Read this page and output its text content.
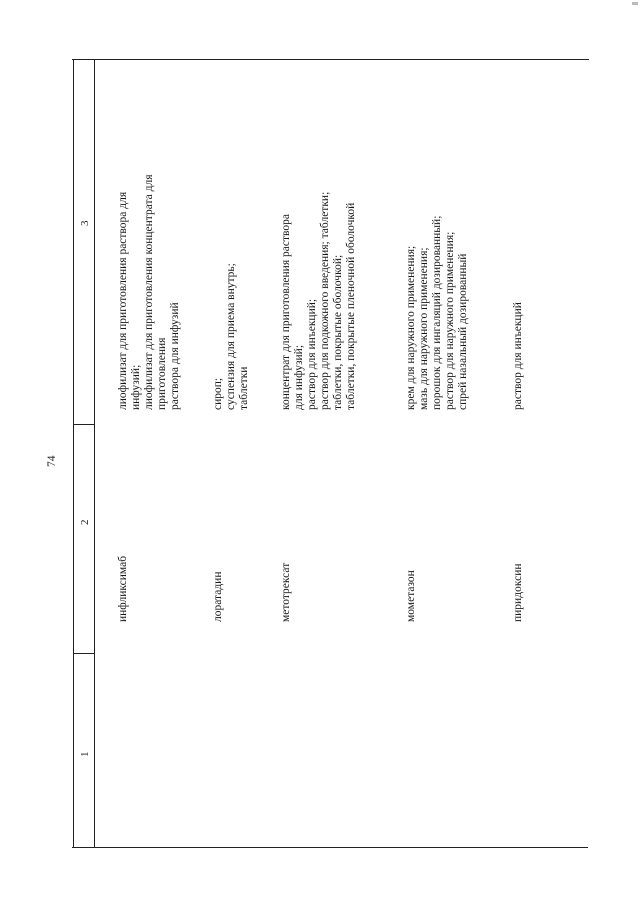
74
1
2
3
инфликсимаб
лиофилизат для приготовления раствора для инфузий; лиофилизат для приготовления концентрата для приготовления раствора для инфузий
лоратадин
сироп; суспензия для приема внутрь; таблетки
метотрексат
концентрат для приготовления раствора для инфузий; раствор для инъекций; раствор для подкожного введения; таблетки; таблетки, покрытые оболочкой; таблетки, покрытые пленочной оболочкой
мометазон
крем для наружного применения; мазь для наружного применения; порошок для ингаляций дозированный; раствор для наружного применения; спрей назальный дозированный
пиридоксин
раствор для инъекций
